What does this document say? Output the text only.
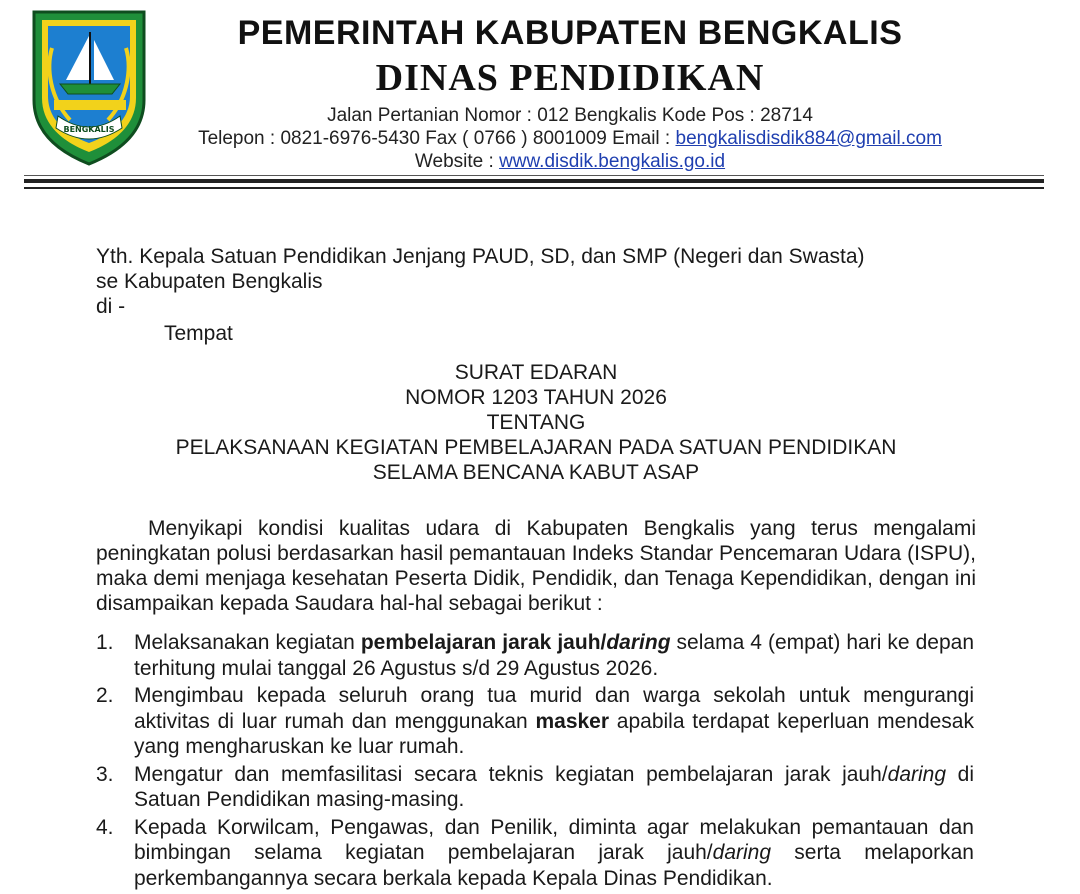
BENGKALIS
PEMERINTAH KABUPATEN BENGKALIS
DINAS PENDIDIKAN
Jalan Pertanian Nomor : 012 Bengkalis Kode Pos : 28714
Telepon : 0821-6976-5430 Fax ( 0766 ) 8001009 Email : bengkalisdisdik884@gmail.com
Website : www.disdik.bengkalis.go.id
Yth. Kepala Satuan Pendidikan Jenjang PAUD, SD, dan SMP (Negeri dan Swasta)
se Kabupaten Bengkalis
di -
Tempat
SURAT EDARAN
NOMOR 1203 TAHUN 2026
TENTANG
PELAKSANAAN KEGIATAN PEMBELAJARAN PADA SATUAN PENDIDIKAN
SELAMA BENCANA KABUT ASAP
Menyikapi kondisi kualitas udara di Kabupaten Bengkalis yang terus mengalami peningkatan polusi berdasarkan hasil pemantauan Indeks Standar Pencemaran Udara (ISPU), maka demi menjaga kesehatan Peserta Didik, Pendidik, dan Tenaga Kependidikan, dengan ini disampaikan kepada Saudara hal-hal sebagai berikut :
1. Melaksanakan kegiatan pembelajaran jarak jauh/daring selama 4 (empat) hari ke depan terhitung mulai tanggal 26 Agustus s/d 29 Agustus 2026.
2. Mengimbau kepada seluruh orang tua murid dan warga sekolah untuk mengurangi aktivitas di luar rumah dan menggunakan masker apabila terdapat keperluan mendesak yang mengharuskan ke luar rumah.
3. Mengatur dan memfasilitasi secara teknis kegiatan pembelajaran jarak jauh/daring di Satuan Pendidikan masing-masing.
4. Kepada Korwilcam, Pengawas, dan Penilik, diminta agar melakukan pemantauan dan bimbingan selama kegiatan pembelajaran jarak jauh/daring serta melaporkan perkembangannya secara berkala kepada Kepala Dinas Pendidikan.
